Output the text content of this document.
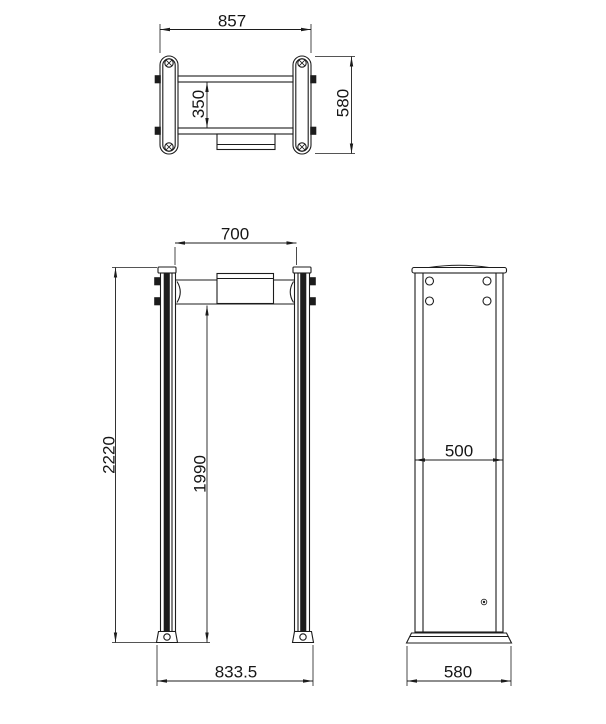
857
350	580
700
2220
1990
833.5
500
580
